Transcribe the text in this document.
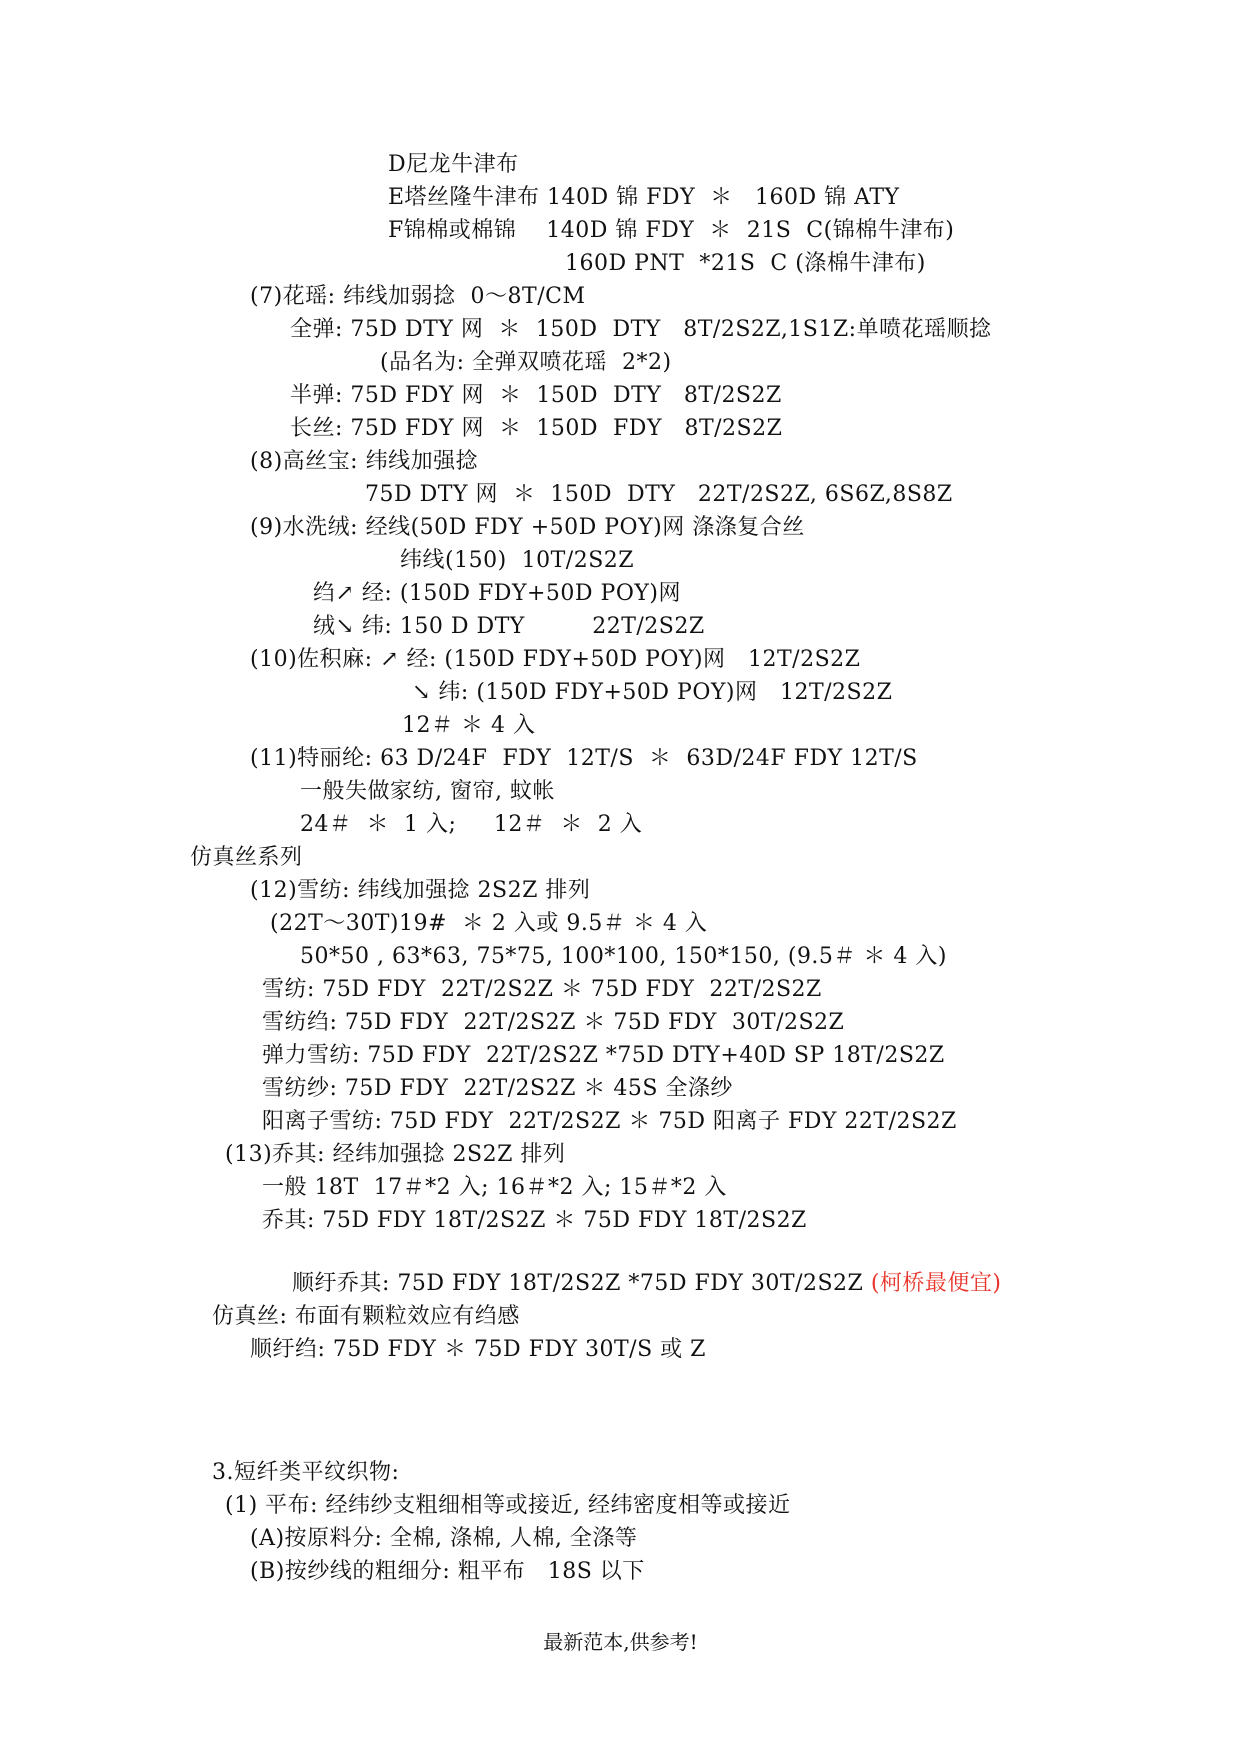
D尼龙牛津布
E塔丝隆牛津布 140D 锦 FDY  ＊   160D 锦 ATY
F锦棉或棉锦    140D 锦 FDY  ＊  21S  C(锦棉牛津布)
160D PNT  *21S  C (涤棉牛津布)
(7)花瑶: 纬线加弱捻  0～8T/CM
全弹: 75D DTY 网  ＊  150D  DTY   8T/2S2Z,1S1Z:单喷花瑶顺捻
(品名为: 全弹双喷花瑶  2*2)
半弹: 75D FDY 网  ＊  150D  DTY   8T/2S2Z
长丝: 75D FDY 网  ＊  150D  FDY   8T/2S2Z
(8)高丝宝: 纬线加强捻
75D DTY 网  ＊  150D  DTY   22T/2S2Z, 6S6Z,8S8Z
(9)水洗绒: 经线(50D FDY +50D POY)网 涤涤复合丝
纬线(150)  10T/2S2Z
绉↗ 经: (150D FDY+50D POY)网
绒↘ 纬: 150 D DTY         22T/2S2Z
(10)佐积麻: ↗ 经: (150D FDY+50D POY)网   12T/2S2Z
↘ 纬: (150D FDY+50D POY)网   12T/2S2Z
12＃ ＊ 4 入
(11)特丽纶: 63 D/24F  FDY  12T/S  ＊  63D/24F FDY 12T/S
一般失做家纺, 窗帘, 蚊帐
24＃  ＊  1 入;     12＃  ＊  2 入
仿真丝系列
(12)雪纺: 纬线加强捻 2S2Z 排列
(22T～30T)19#  ＊ 2 入或 9.5＃ ＊ 4 入
50*50 , 63*63, 75*75, 100*100, 150*150, (9.5＃ ＊ 4 入)
雪纺: 75D FDY  22T/2S2Z ＊ 75D FDY  22T/2S2Z
雪纺绉: 75D FDY  22T/2S2Z ＊ 75D FDY  30T/2S2Z
弹力雪纺: 75D FDY  22T/2S2Z *75D DTY+40D SP 18T/2S2Z
雪纺纱: 75D FDY  22T/2S2Z ＊ 45S 全涤纱
阳离子雪纺: 75D FDY  22T/2S2Z ＊ 75D 阳离子 FDY 22T/2S2Z
(13)乔其: 经纬加强捻 2S2Z 排列
一般 18T  17＃*2 入; 16＃*2 入; 15＃*2 入
乔其: 75D FDY 18T/2S2Z ＊ 75D FDY 18T/2S2Z

顺纡乔其: 75D FDY 18T/2S2Z *75D FDY 30T/2S2Z (柯桥最便宜)

仿真丝: 布面有颗粒效应有绉感
顺纡绉: 75D FDY ＊ 75D FDY 30T/S 或 Z
3.短纤类平纹织物:
(1) 平布: 经纬纱支粗细相等或接近, 经纬密度相等或接近
(A)按原料分: 全棉, 涤棉, 人棉, 全涤等
(B)按纱线的粗细分: 粗平布   18S 以下
最新范本,供参考!
